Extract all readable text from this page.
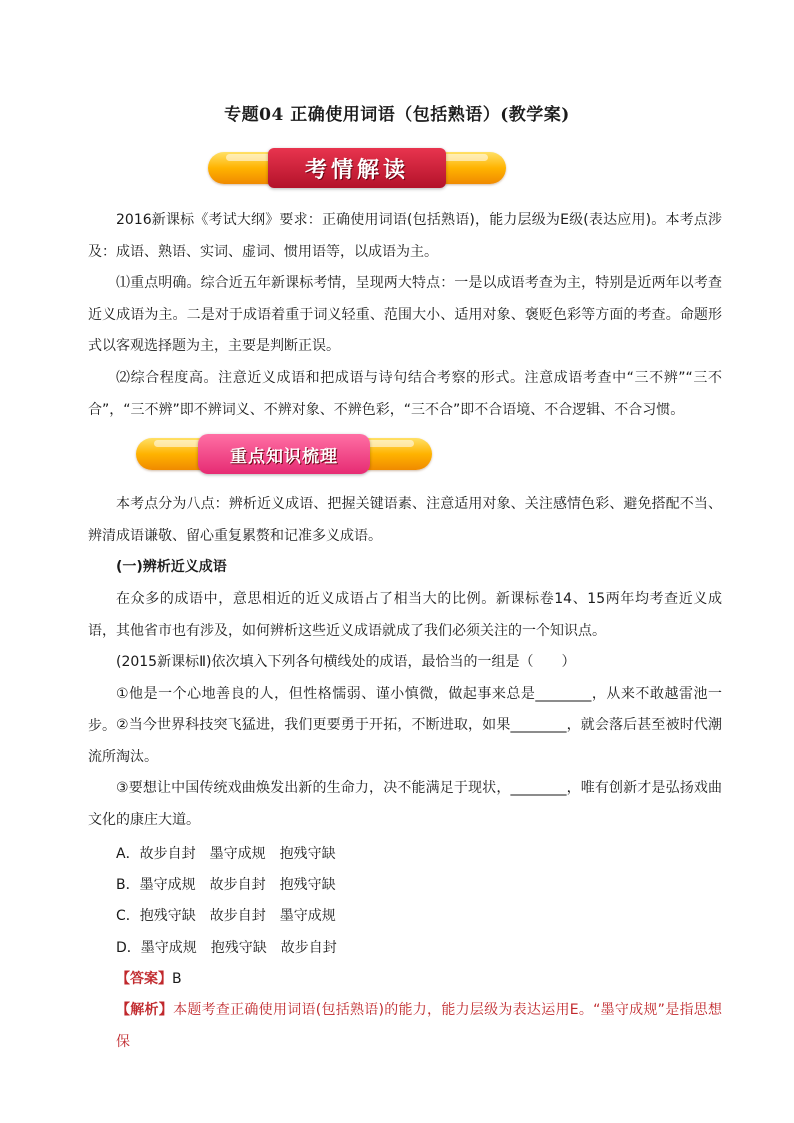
专题04 正确使用词语（包括熟语）(教学案)
考情解读
2016新课标《考试大纲》要求：正确使用词语(包括熟语)，能力层级为E级(表达应用)。本考点涉及：成语、熟语、实词、虚词、惯用语等，以成语为主。
⑴重点明确。综合近五年新课标考情，呈现两大特点：一是以成语考查为主，特别是近两年以考查近义成语为主。二是对于成语着重于词义轻重、范围大小、适用对象、褒贬色彩等方面的考查。命题形式以客观选择题为主，主要是判断正误。
⑵综合程度高。注意近义成语和把成语与诗句结合考察的形式。注意成语考查中“三不辨”“三不合”，“三不辨”即不辨词义、不辨对象、不辨色彩，“三不合”即不合语境、不合逻辑、不合习惯。
重点知识梳理
本考点分为八点：辨析近义成语、把握关键语素、注意适用对象、关注感情色彩、避免搭配不当、辨清成语谦敬、留心重复累赘和记准多义成语。
(一)辨析近义成语
在众多的成语中，意思相近的近义成语占了相当大的比例。新课标卷14、15两年均考查近义成语，其他省市也有涉及，如何辨析这些近义成语就成了我们必须关注的一个知识点。
(2015新课标Ⅱ)依次填入下列各句横线处的成语，最恰当的一组是（　　）
①他是一个心地善良的人，但性格懦弱、谨小慎微，做起事来总是________，从来不敢越雷池一步。 ②当今世界科技突飞猛进，我们更要勇于开拓，不断进取，如果________，就会落后甚至被时代潮流所淘汰。
③要想让中国传统戏曲焕发出新的生命力，决不能满足于现状，________，唯有创新才是弘扬戏曲文化的康庄大道。
A．故步自封　墨守成规　抱残守缺
B．墨守成规　故步自封　抱残守缺
C．抱残守缺　故步自封　墨守成规
D．墨守成规　抱残守缺　故步自封
【答案】B
【解析】本题考查正确使用词语(包括熟语)的能力，能力层级为表达运用E。“墨守成规”是指思想保
